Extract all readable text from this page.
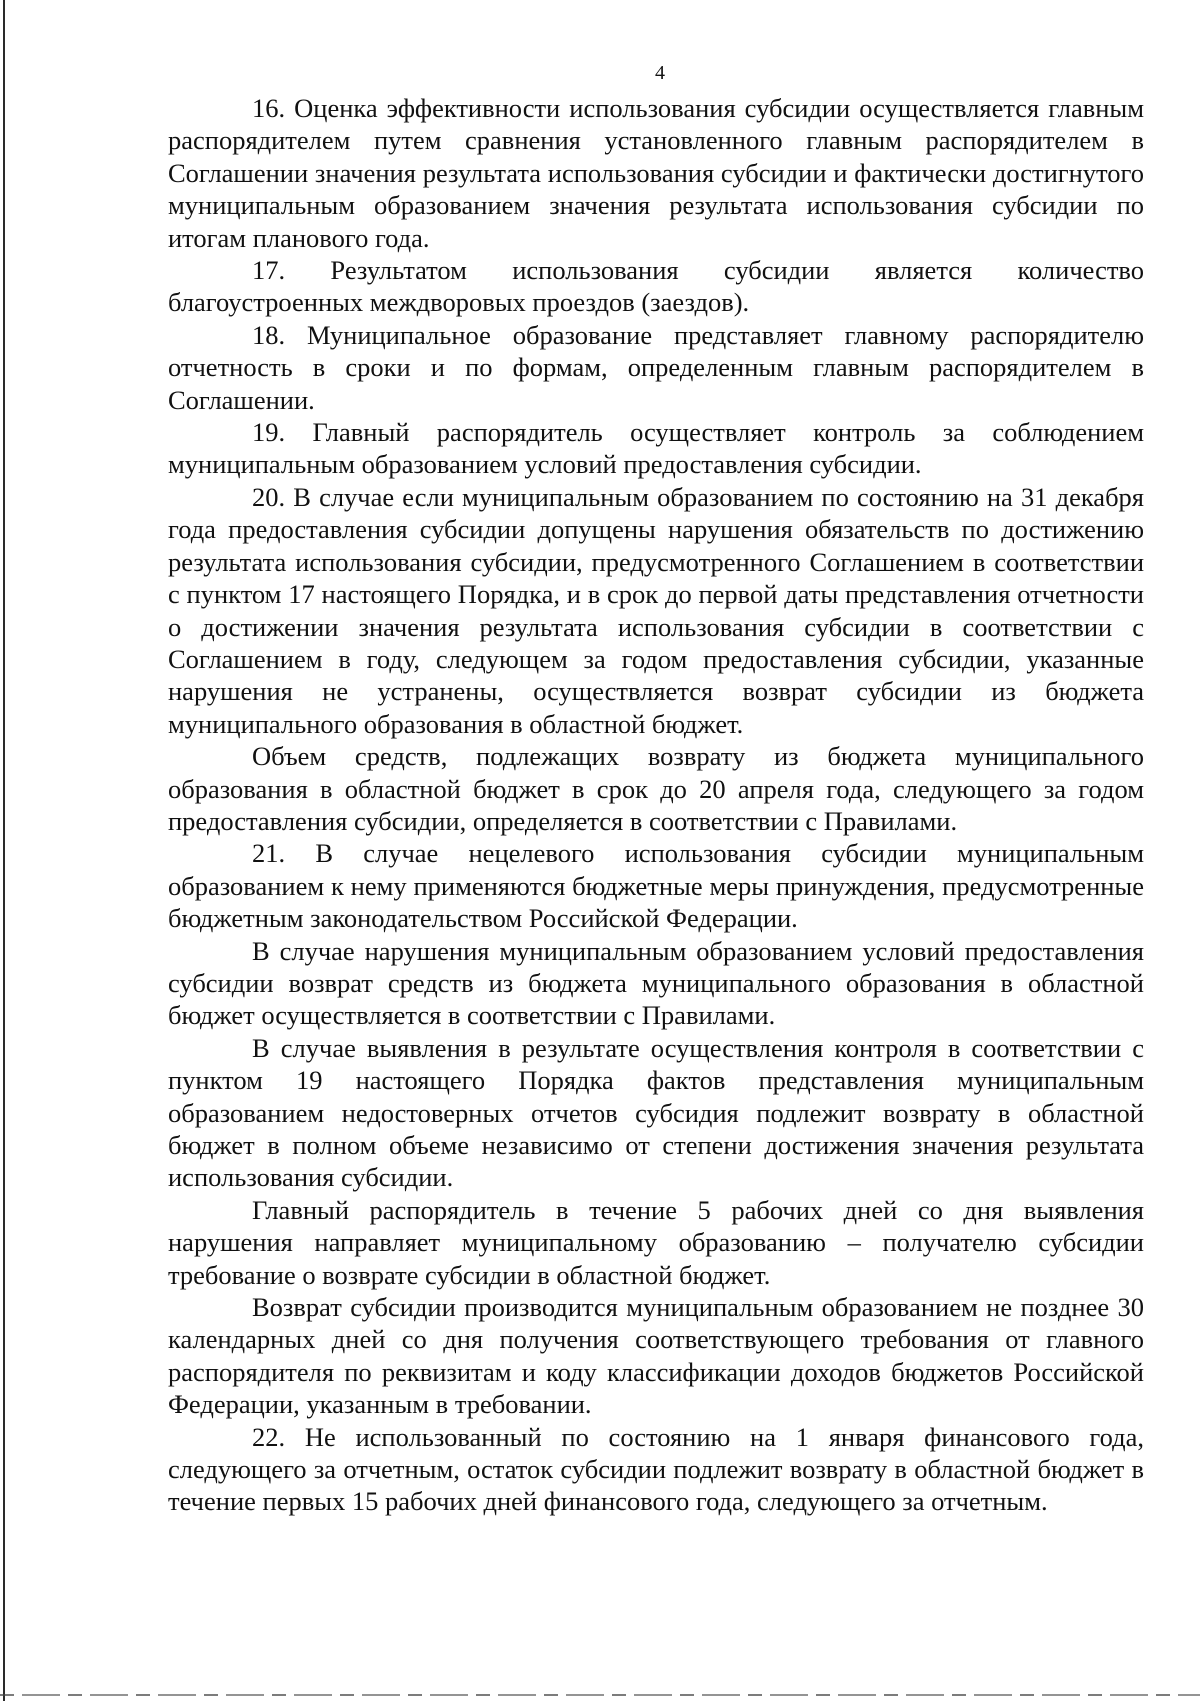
4

16. Оценка эффективности использования субсидии осуществляется главным распорядителем путем сравнения установленного главным распорядителем в Соглашении значения результата использования субсидии и фактически достигнутого муниципальным образованием значения результата использования субсидии по итогам планового года.

17. Результатом использования субсидии является количество благоустроенных междворовых проездов (заездов).

18. Муниципальное образование представляет главному распорядителю отчетность в сроки и по формам, определенным главным распорядителем в Соглашении.

19. Главный распорядитель осуществляет контроль за соблюдением муниципальным образованием условий предоставления субсидии.

20. В случае если муниципальным образованием по состоянию на 31 декабря года предоставления субсидии допущены нарушения обязательств по достижению результата использования субсидии, предусмотренного Соглашением в соответствии с пунктом 17 настоящего Порядка, и в срок до первой даты представления отчетности о достижении значения результата использования субсидии в соответствии с Соглашением в году, следующем за годом предоставления субсидии, указанные нарушения не устранены, осуществляется возврат субсидии из бюджета муниципального образования в областной бюджет.

Объем средств, подлежащих возврату из бюджета муниципального образования в областной бюджет в срок до 20 апреля года, следующего за годом предоставления субсидии, определяется в соответствии с Правилами.

21. В случае нецелевого использования субсидии муниципальным образованием к нему применяются бюджетные меры принуждения, предусмотренные бюджетным законодательством Российской Федерации.

В случае нарушения муниципальным образованием условий предоставления субсидии возврат средств из бюджета муниципального образования в областной бюджет осуществляется в соответствии с Правилами.

В случае выявления в результате осуществления контроля в соответствии с пунктом 19 настоящего Порядка фактов представления муниципальным образованием недостоверных отчетов субсидия подлежит возврату в областной бюджет в полном объеме независимо от степени достижения значения результата использования субсидии.

Главный распорядитель в течение 5 рабочих дней со дня выявления нарушения направляет муниципальному образованию – получателю субсидии требование о возврате субсидии в областной бюджет.

Возврат субсидии производится муниципальным образованием не позднее 30 календарных дней со дня получения соответствующего требования от главного распорядителя по реквизитам и коду классификации доходов бюджетов Российской Федерации, указанным в требовании.

22. Не использованный по состоянию на 1 января финансового года, следующего за отчетным, остаток субсидии подлежит возврату в областной бюджет в течение первых 15 рабочих дней финансового года, следующего за отчетным.
